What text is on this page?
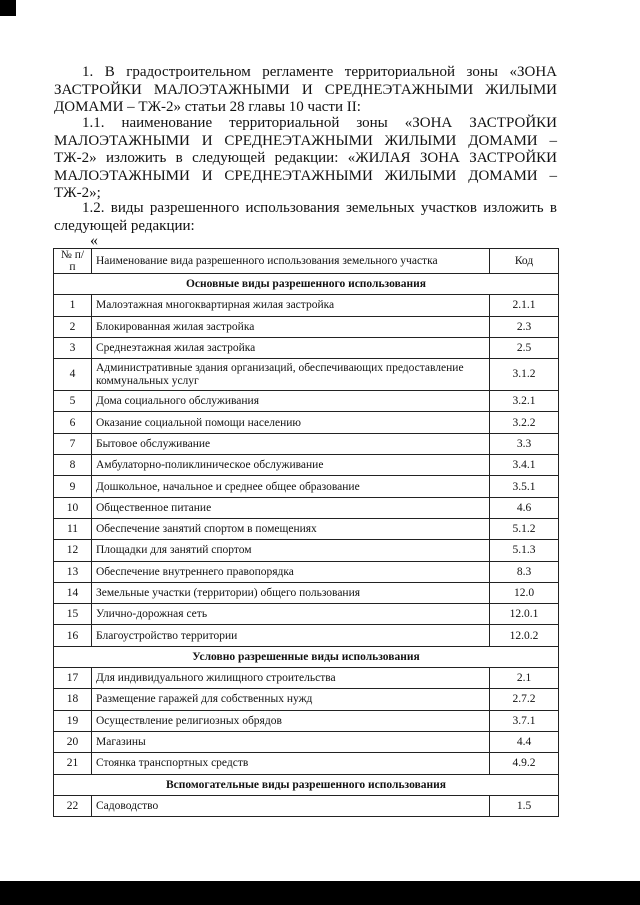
1. В градостроительном регламенте территориальной зоны «ЗОНА ЗАСТРОЙКИ МАЛОЭТАЖНЫМИ И СРЕДНЕЭТАЖНЫМИ ЖИЛЫМИ ДОМАМИ – ТЖ-2» статьи 28 главы 10 части II:
1.1. наименование территориальной зоны «ЗОНА ЗАСТРОЙКИ МАЛОЭТАЖНЫМИ И СРЕДНЕЭТАЖНЫМИ ЖИЛЫМИ ДОМАМИ – ТЖ-2» изложить в следующей редакции: «ЖИЛАЯ ЗОНА ЗАСТРОЙКИ МАЛОЭТАЖНЫМИ И СРЕДНЕЭТАЖНЫМИ ЖИЛЫМИ ДОМАМИ – ТЖ-2»;
1.2. виды разрешенного использования земельных участков изложить в следующей редакции:
«
№ п/п	Наименование вида разрешенного использования земельного участка	Код
Основные виды разрешенного использования		
1	Малоэтажная многоквартирная жилая застройка	2.1.1
2	Блокированная жилая застройка	2.3
3	Среднеэтажная жилая застройка	2.5
4	Административные здания организаций, обеспечивающих предоставление коммунальных услуг	3.1.2
5	Дома социального обслуживания	3.2.1
6	Оказание социальной помощи населению	3.2.2
7	Бытовое обслуживание	3.3
8	Амбулаторно-поликлиническое обслуживание	3.4.1
9	Дошкольное, начальное и среднее общее образование	3.5.1
10	Общественное питание	4.6
11	Обеспечение занятий спортом в помещениях	5.1.2
12	Площадки для занятий спортом	5.1.3
13	Обеспечение внутреннего правопорядка	8.3
14	Земельные участки (территории) общего пользования	12.0
15	Улично-дорожная сеть	12.0.1
16	Благоустройство территории	12.0.2
Условно разрешенные виды использования		
17	Для индивидуального жилищного строительства	2.1
18	Размещение гаражей для собственных нужд	2.7.2
19	Осуществление религиозных обрядов	3.7.1
20	Магазины	4.4
21	Стоянка транспортных средств	4.9.2
Вспомогательные виды разрешенного использования		
22	Садоводство	1.5
